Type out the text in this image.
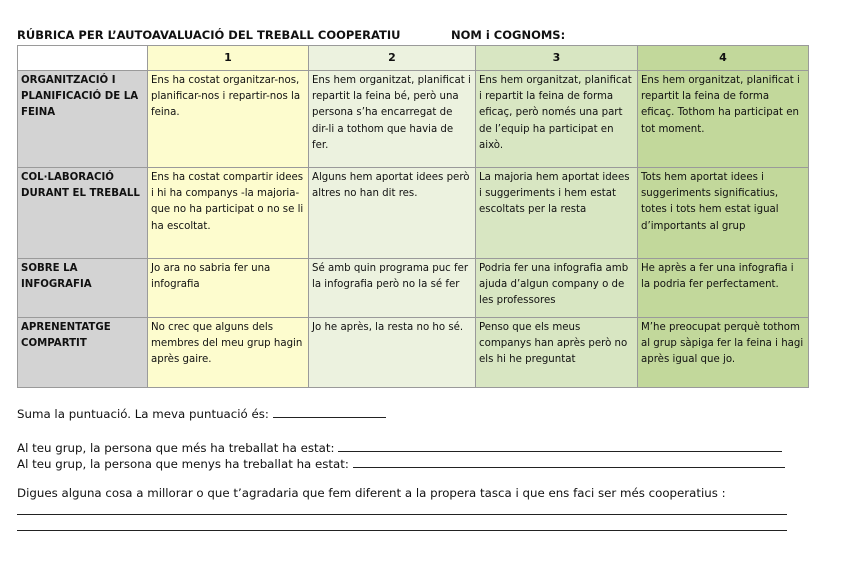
RÚBRICA PER L’AUTOAVALUACIÓ DEL TREBALL COOPERATIU	NOM i COGNOMS:
	1	2	3	4
ORGANITZACIÓ I PLANIFICACIÓ DE LA FEINA	Ens ha costat organitzar-nos, planificar-nos i repartir-nos la feina.	Ens hem organitzat, planificat i repartit la feina bé, però una persona s’ha encarregat de dir-li a tothom que havia de fer.	Ens hem organitzat, planificat i repartit la feina de forma eficaç, però només una part de l’equip ha participat en això.	Ens hem organitzat, planificat i repartit la feina de forma eficaç. Tothom ha participat en tot moment.
COL·LABORACIÓ DURANT EL TREBALL	Ens ha costat compartir idees i hi ha companys -la majoria- que no ha participat o no se li ha escoltat.	Alguns hem aportat idees però altres no han dit res.	La majoria hem aportat idees i suggeriments i hem estat escoltats per la resta	Tots hem aportat idees i suggeriments significatius, totes i tots hem estat igual d’importants al grup
SOBRE LA INFOGRAFIA	Jo ara no sabria fer una infografia	Sé amb quin programa puc fer la infografia però no la sé fer	Podria fer una infografia amb ajuda d’algun company o de les professores	He après a fer una infografia i la podria fer perfectament.
APRENENTATGE COMPARTIT	No crec que alguns dels membres del meu grup hagin après gaire.	Jo he après, la resta no ho sé.	Penso que els meus companys han après però no els hi he preguntat	M’he preocupat perquè tothom al grup sàpiga fer la feina i hagi après igual que jo.
Suma la puntuació. La meva puntuació és:
Al teu grup, la persona que més ha treballat ha estat:
Al teu grup, la persona que menys ha treballat ha estat:
Digues alguna cosa a millorar o que t’agradaria que fem diferent a la propera tasca i que ens faci ser més cooperatius :
